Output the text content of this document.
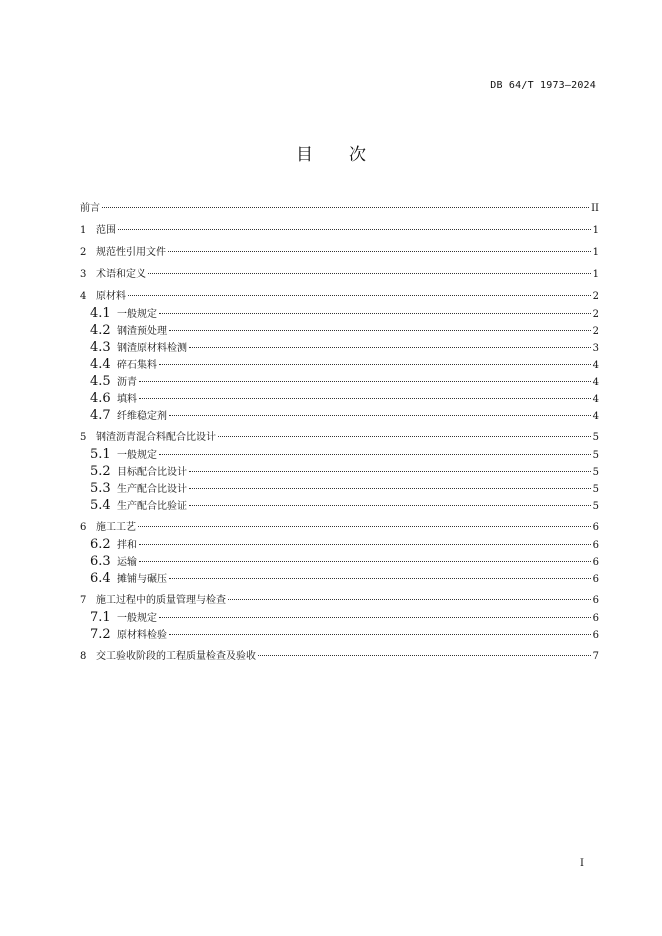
DB 64/T 1973—2024
目 次
前言	II
1 范围	1
2 规范性引用文件	1
3 术语和定义	1
4 原材料	2
4.1 一般规定	2
4.2 钢渣预处理	2
4.3 钢渣原材料检测	3
4.4 碎石集料	4
4.5 沥青	4
4.6 填料	4
4.7 纤维稳定剂	4
5 钢渣沥青混合料配合比设计	5
5.1 一般规定	5
5.2 目标配合比设计	5
5.3 生产配合比设计	5
5.4 生产配合比验证	5
6 施工工艺	6
6.2 拌和	6
6.3 运输	6
6.4 摊铺与碾压	6
7 施工过程中的质量管理与检查	6
7.1 一般规定	6
7.2 原材料检验	6
8 交工验收阶段的工程质量检查及验收	7
I
